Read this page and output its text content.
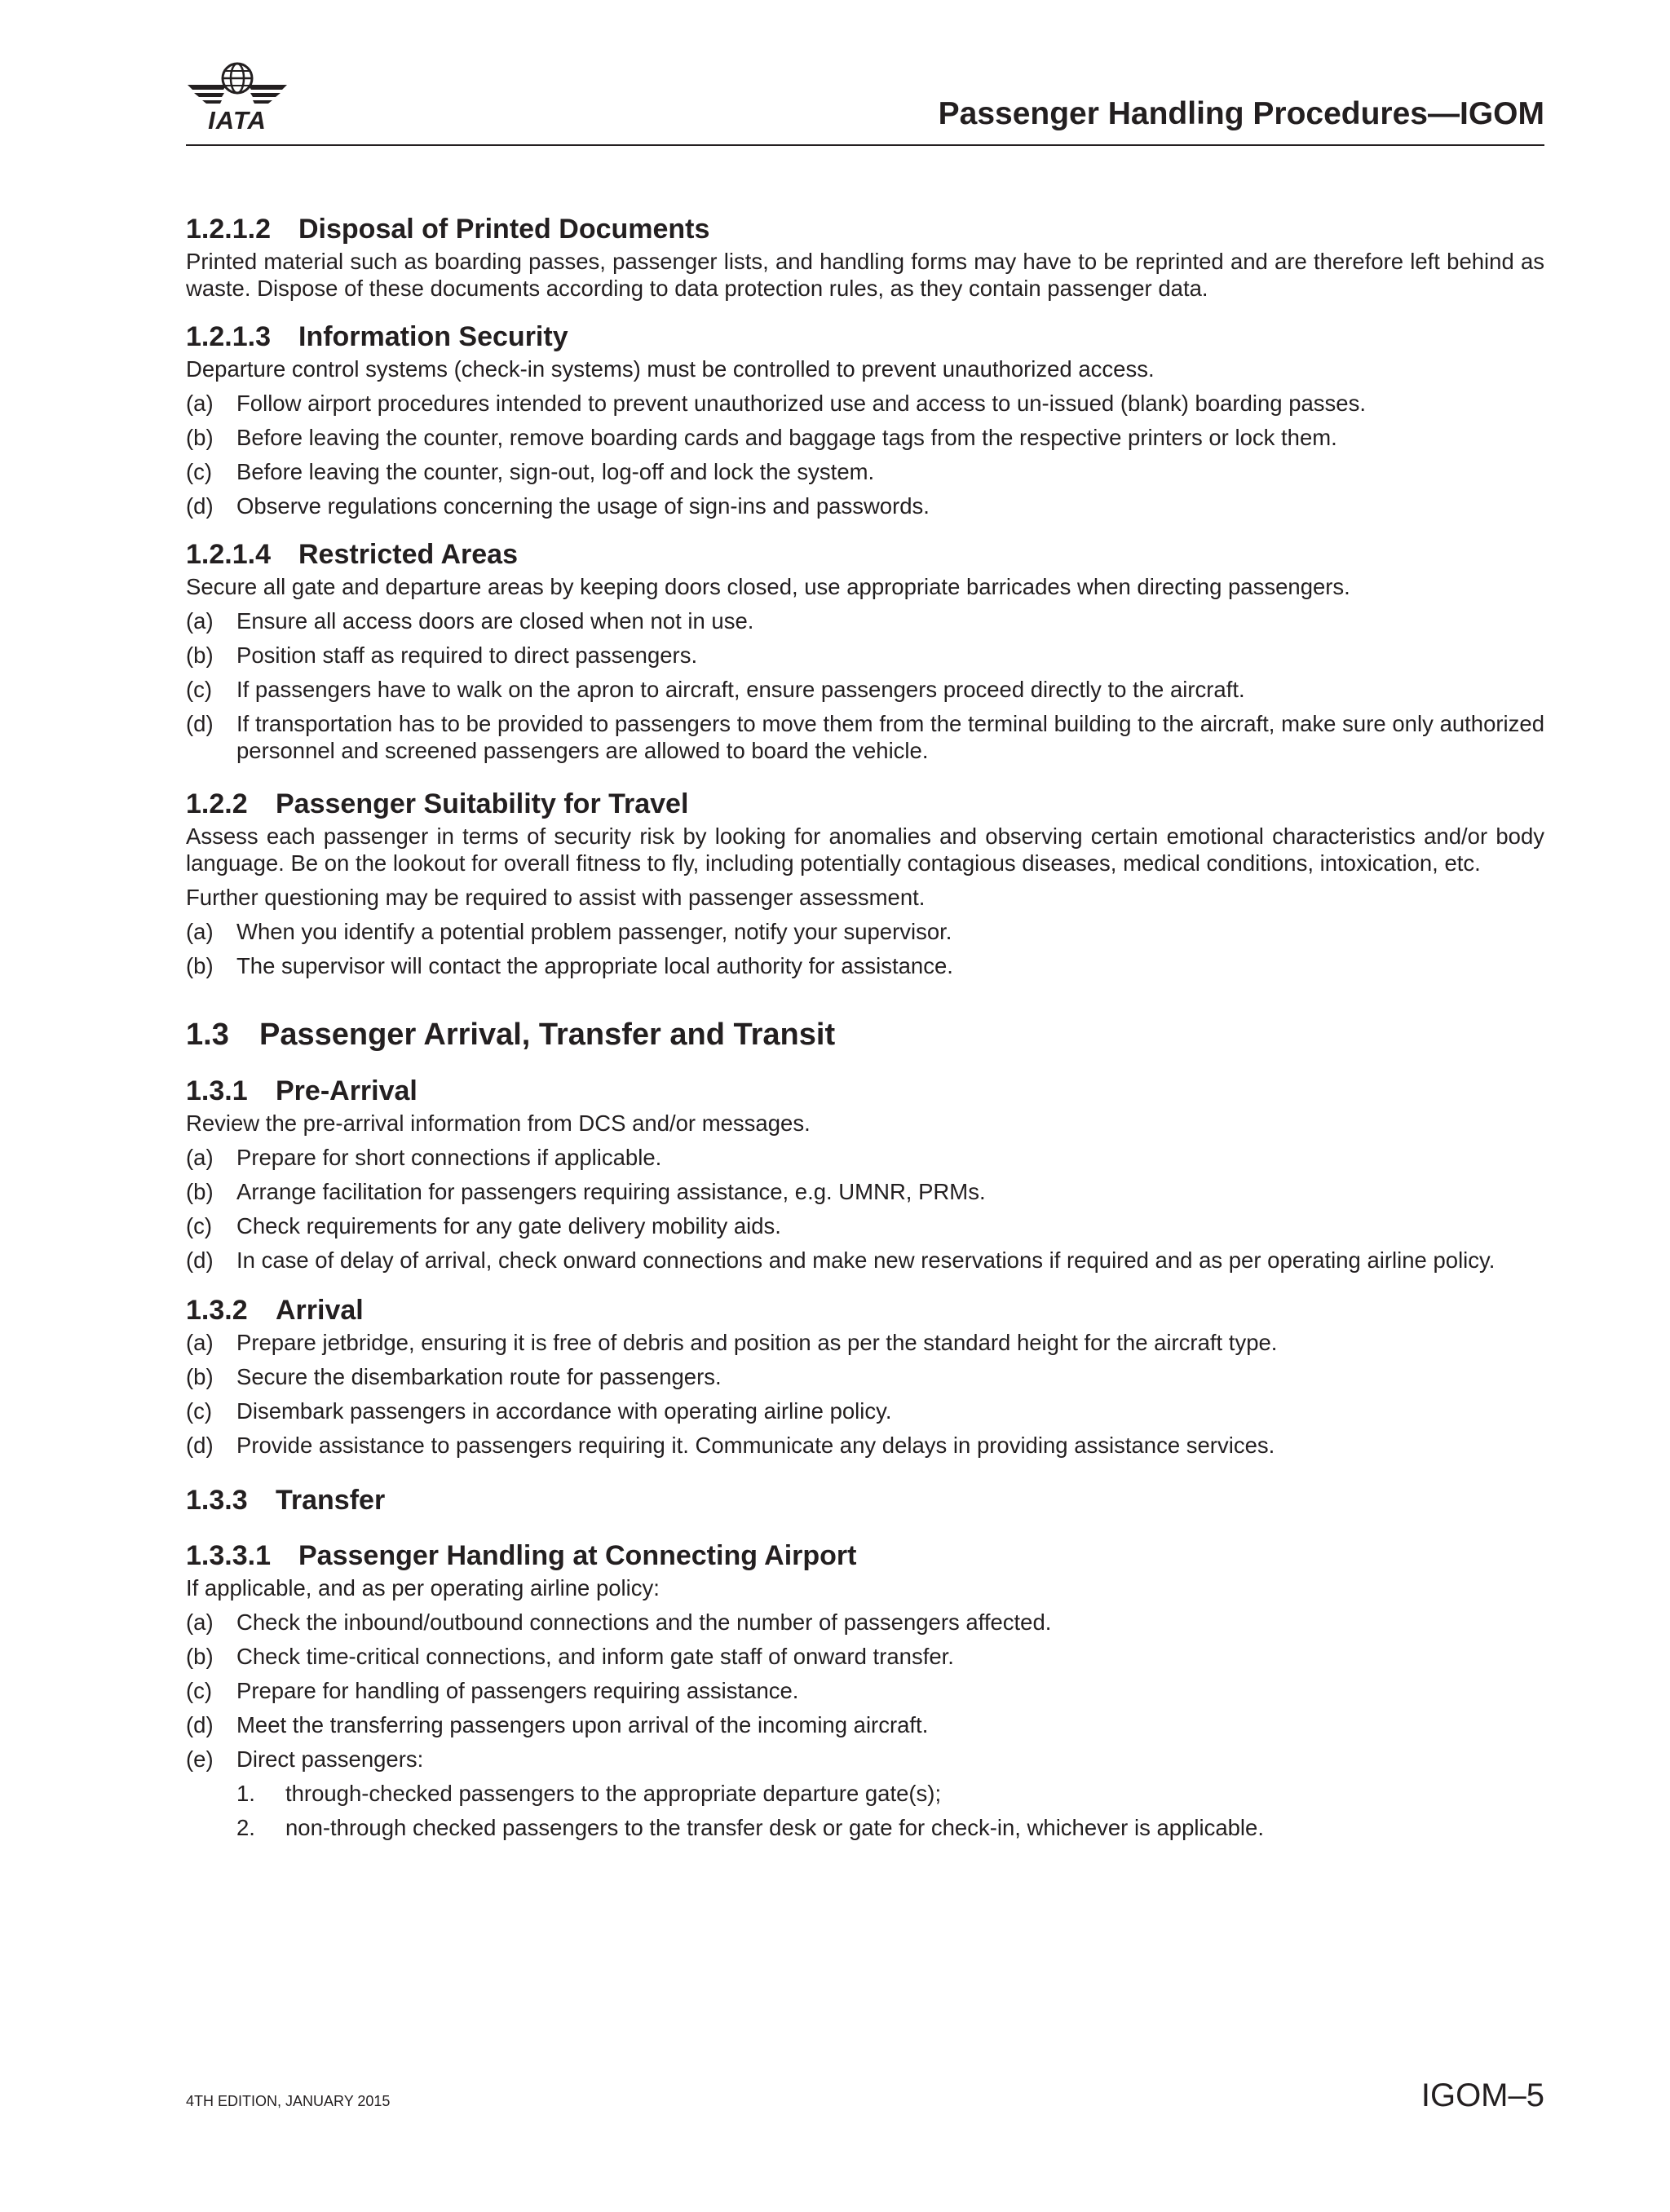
IATA	Passenger Handling Procedures—IGOM
1.2.1.2 Disposal of Printed Documents

Printed material such as boarding passes, passenger lists, and handling forms may have to be reprinted and are therefore left behind as waste. Dispose of these documents according to data protection rules, as they contain passenger data.

1.2.1.3 Information Security

Departure control systems (check-in systems) must be controlled to prevent unauthorized access.

(a)	Follow airport procedures intended to prevent unauthorized use and access to un-issued (blank) boarding passes.
(b)	Before leaving the counter, remove boarding cards and baggage tags from the respective printers or lock them.
(c)	Before leaving the counter, sign-out, log-off and lock the system.
(d)	Observe regulations concerning the usage of sign-ins and passwords.
1.2.1.4 Restricted Areas

Secure all gate and departure areas by keeping doors closed, use appropriate barricades when directing passengers.

(a)	Ensure all access doors are closed when not in use.
(b)	Position staff as required to direct passengers.
(c)	If passengers have to walk on the apron to aircraft, ensure passengers proceed directly to the aircraft.
(d)	If transportation has to be provided to passengers to move them from the terminal building to the aircraft, make sure only authorized personnel and screened passengers are allowed to board the vehicle.
1.2.2 Passenger Suitability for Travel

Assess each passenger in terms of security risk by looking for anomalies and observing certain emotional characteristics and/or body language. Be on the lookout for overall fitness to fly, including potentially contagious diseases, medical conditions, intoxication, etc.

Further questioning may be required to assist with passenger assessment.

(a)	When you identify a potential problem passenger, notify your supervisor.
(b)	The supervisor will contact the appropriate local authority for assistance.
1.3 Passenger Arrival, Transfer and Transit
1.3.1 Pre-Arrival

Review the pre-arrival information from DCS and/or messages.

(a)	Prepare for short connections if applicable.
(b)	Arrange facilitation for passengers requiring assistance, e.g. UMNR, PRMs.
(c)	Check requirements for any gate delivery mobility aids.
(d)	In case of delay of arrival, check onward connections and make new reservations if required and as per operating airline policy.
1.3.2 Arrival
(a)	Prepare jetbridge, ensuring it is free of debris and position as per the standard height for the aircraft type.
(b)	Secure the disembarkation route for passengers.
(c)	Disembark passengers in accordance with operating airline policy.
(d)	Provide assistance to passengers requiring it. Communicate any delays in providing assistance services.
1.3.3 Transfer
1.3.3.1 Passenger Handling at Connecting Airport

If applicable, and as per operating airline policy:

(a)	Check the inbound/outbound connections and the number of passengers affected.
(b)	Check time-critical connections, and inform gate staff of onward transfer.
(c)	Prepare for handling of passengers requiring assistance.
(d)	Meet the transferring passengers upon arrival of the incoming aircraft.
(e)	Direct passengers:
1.	through-checked passengers to the appropriate departure gate(s);
2.	non-through checked passengers to the transfer desk or gate for check-in, whichever is applicable.
4TH EDITION, JANUARY 2015	IGOM–5
